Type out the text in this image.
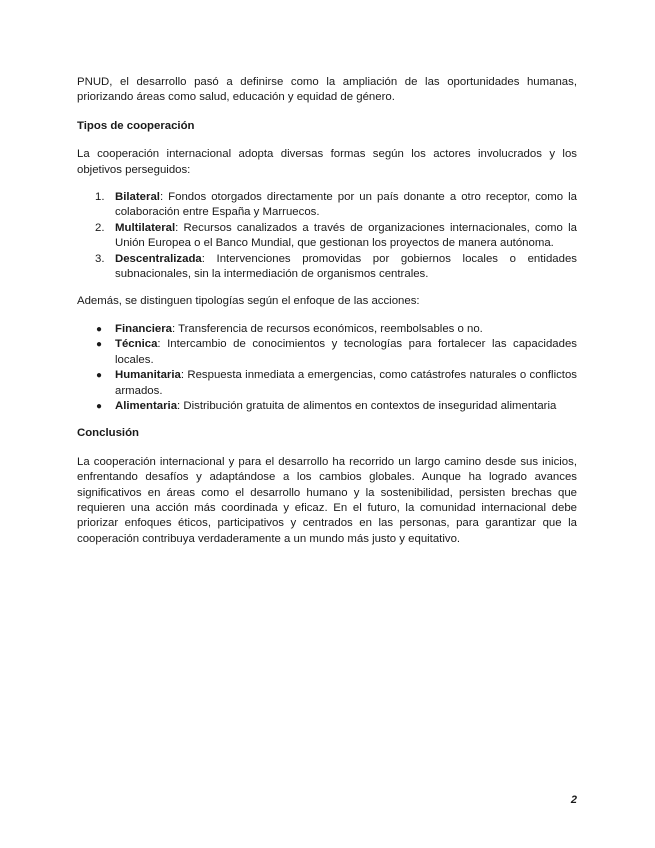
PNUD, el desarrollo pasó a definirse como la ampliación de las oportunidades humanas, priorizando áreas como salud, educación y equidad de género.

Tipos de cooperación

La cooperación internacional adopta diversas formas según los actores involucrados y los objetivos perseguidos:

1. Bilateral: Fondos otorgados directamente por un país donante a otro receptor, como la colaboración entre España y Marruecos.
2. Multilateral: Recursos canalizados a través de organizaciones internacionales, como la Unión Europea o el Banco Mundial, que gestionan los proyectos de manera autónoma.
3. Descentralizada: Intervenciones promovidas por gobiernos locales o entidades subnacionales, sin la intermediación de organismos centrales.

Además, se distinguen tipologías según el enfoque de las acciones:

●	Financiera: Transferencia de recursos económicos, reembolsables o no.
●	Técnica: Intercambio de conocimientos y tecnologías para fortalecer las capacidades locales.
●	Humanitaria: Respuesta inmediata a emergencias, como catástrofes naturales o conflictos armados.
●	Alimentaria: Distribución gratuita de alimentos en contextos de inseguridad alimentaria
Conclusión

La cooperación internacional y para el desarrollo ha recorrido un largo camino desde sus inicios, enfrentando desafíos y adaptándose a los cambios globales. Aunque ha logrado avances significativos en áreas como el desarrollo humano y la sostenibilidad, persisten brechas que requieren una acción más coordinada y eficaz. En el futuro, la comunidad internacional debe priorizar enfoques éticos, participativos y centrados en las personas, para garantizar que la cooperación contribuya verdaderamente a un mundo más justo y equitativo.

2
